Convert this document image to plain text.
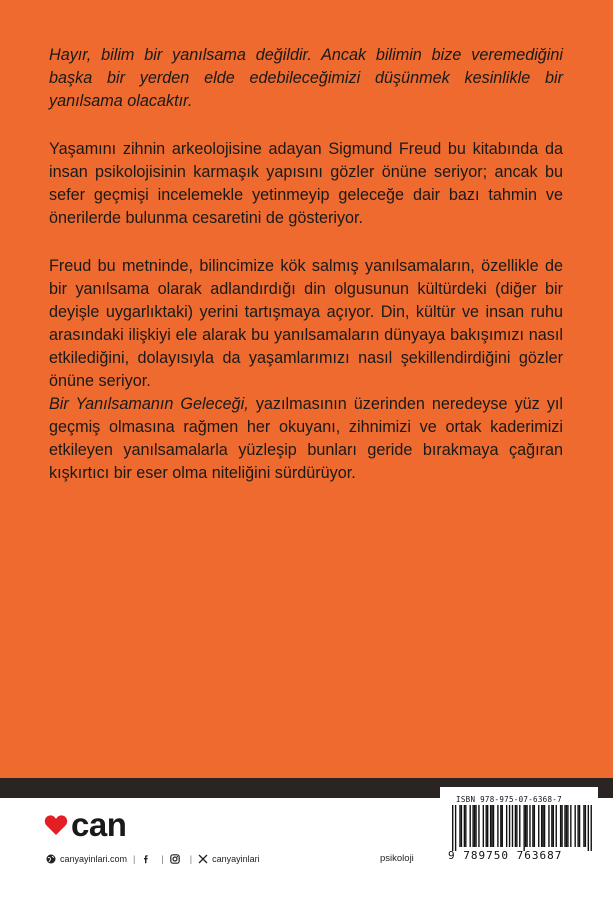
Hayır, bilim bir yanılsama değildir. Ancak bilimin bize veremediğini başka bir yerden elde edebileceğimizi düşünmek kesinlikle bir yanılsama olacaktır.

Yaşamını zihnin arkeolojisine adayan Sigmund Freud bu kitabında da insan psikolojisinin karmaşık yapısını gözler önüne seriyor; ancak bu sefer geçmişi incelemekle yetinmeyip geleceğe dair bazı tahmin ve önerilerde bulunma cesaretini de gösteriyor.

Freud bu metninde, bilincimize kök salmış yanılsamaların, özellikle de bir yanılsama olarak adlandırdığı din olgusunun kültürdeki (diğer bir deyişle uygarlıktaki) yerini tartışmaya açıyor. Din, kültür ve insan ruhu arasındaki ilişkiyi ele alarak bu yanılsamaların dünyaya bakışımızı nasıl etkilediğini, dolayısıyla da yaşamlarımızı nasıl şekillendirdiğini gözler önüne seriyor.

Bir Yanılsamanın Geleceği, yazılmasının üzerinden neredeyse yüz yıl geçmiş olmasına rağmen her okuyanı, zihnimizi ve ortak kaderimizi etkileyen yanılsamalarla yüzleşip bunları geride bırakmaya çağıran kışkırtıcı bir eser olma niteliğini sürdürüyor.

can
canyayinlari.com |	|	| canyayinlari	psikoloji
ISBN 978-975-07-6368-7
9 789750 763687
